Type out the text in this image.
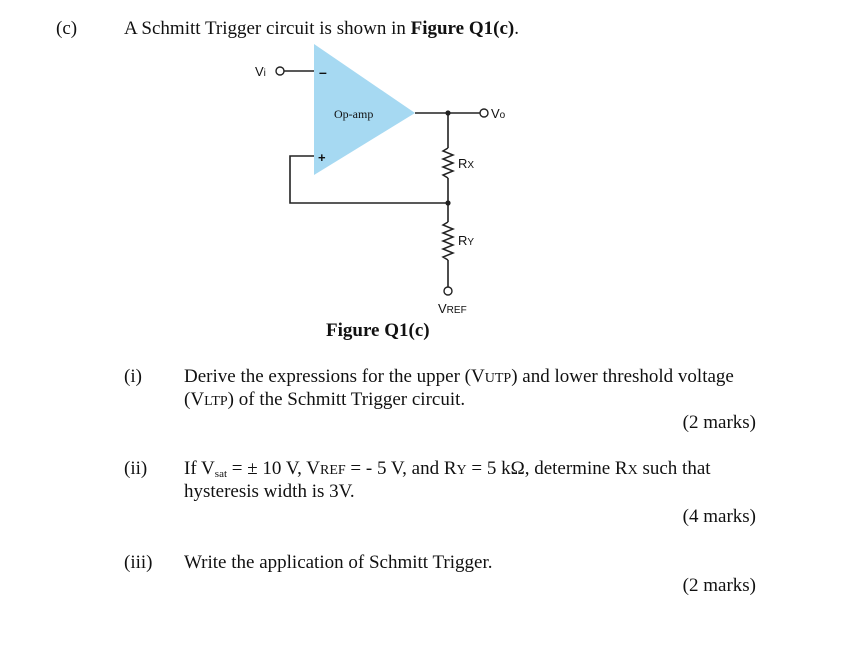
(c) A Schmitt Trigger circuit is shown in Figure Q1(c).
Op-amp
–
+
Vi
Vo
RX
RY
VREF
Figure Q1(c)
(i) Derive the expressions for the upper (VUTP) and lower threshold voltage
(VLTP) of the Schmitt Trigger circuit.
(2 marks)
(ii) If Vsat = ± 10 V, VREF = - 5 V, and RY = 5 kΩ, determine RX such that
hysteresis width is 3V.
(4 marks)
(iii) Write the application of Schmitt Trigger.
(2 marks)
